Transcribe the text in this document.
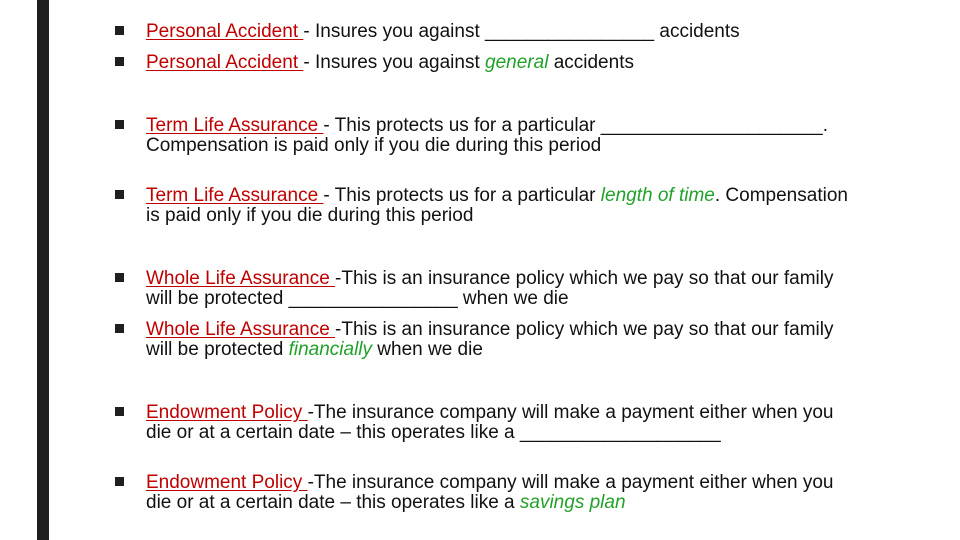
Personal Accident - Insures you against ________________ accidents
Personal Accident - Insures you against general accidents
Term Life Assurance - This protects us for a particular _____________________. Compensation is paid only if you die during this period
Term Life Assurance - This protects us for a particular length of time. Compensation is paid only if you die during this period
Whole Life Assurance -This is an insurance policy which we pay so that our family will be protected ________________ when we die
Whole Life Assurance -This is an insurance policy which we pay so that our family will be protected financially when we die
Endowment Policy -The insurance company will make a payment either when you die or at a certain date – this operates like a ___________________
Endowment Policy -The insurance company will make a payment either when you die or at a certain date – this operates like a savings plan
